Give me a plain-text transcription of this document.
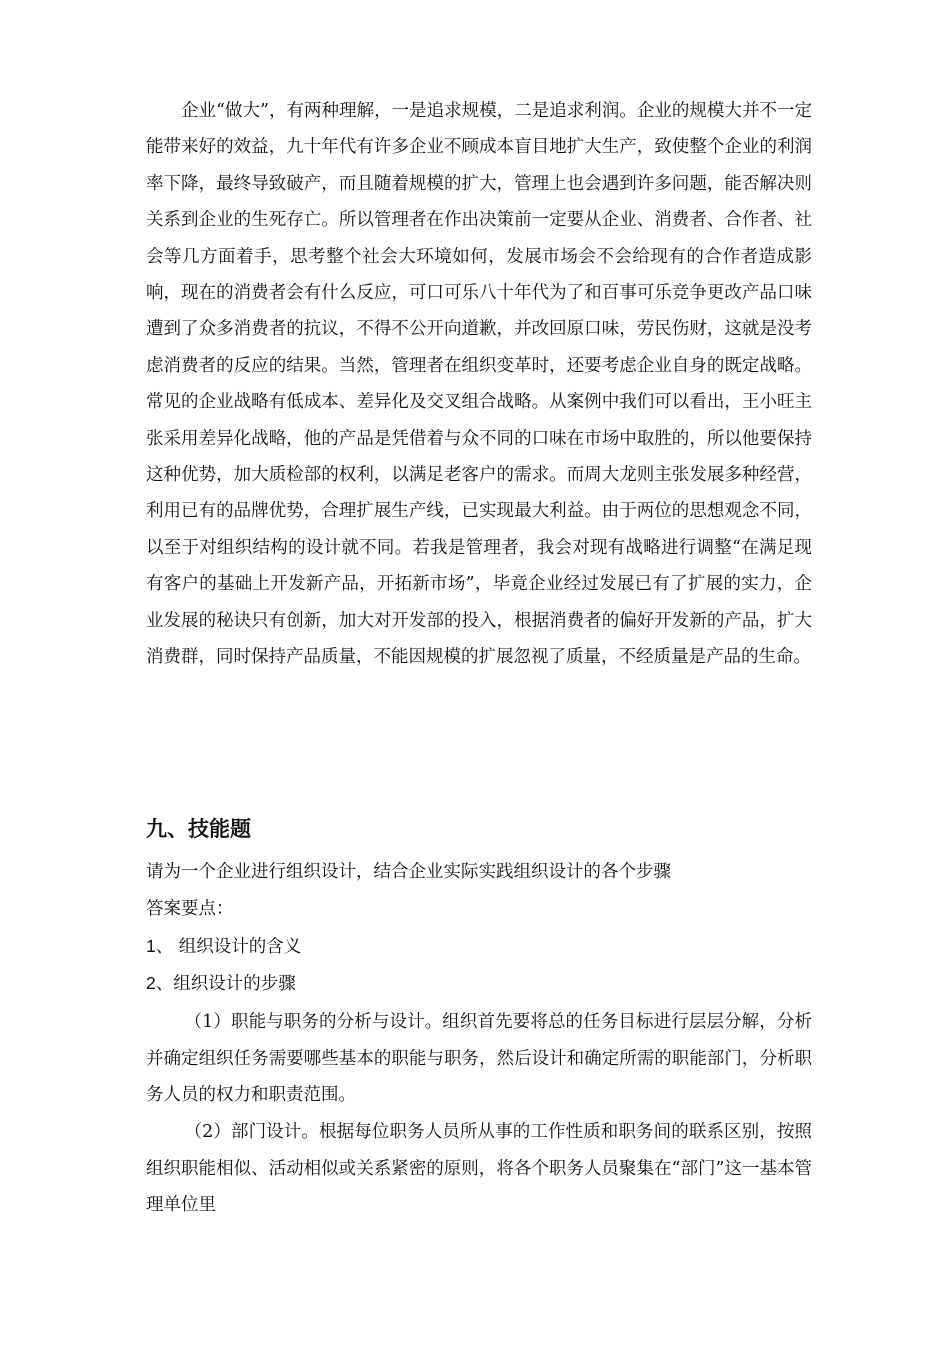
企业“做大”，有两种理解，一是追求规模，二是追求利润。企业的规模大并不一定能带来好的效益，九十年代有许多企业不顾成本盲目地扩大生产，致使整个企业的利润率下降，最终导致破产，而且随着规模的扩大，管理上也会遇到许多问题，能否解决则关系到企业的生死存亡。所以管理者在作出决策前一定要从企业、消费者、合作者、社会等几方面着手，思考整个社会大环境如何，发展市场会不会给现有的合作者造成影响，现在的消费者会有什么反应，可口可乐八十年代为了和百事可乐竞争更改产品口味遭到了众多消费者的抗议，不得不公开向道歉，并改回原口味，劳民伤财，这就是没考虑消费者的反应的结果。当然，管理者在组织变革时，还要考虑企业自身的既定战略。常见的企业战略有低成本、差异化及交叉组合战略。从案例中我们可以看出，王小旺主张采用差异化战略，他的产品是凭借着与众不同的口味在市场中取胜的，所以他要保持这种优势，加大质检部的权利，以满足老客户的需求。而周大龙则主张发展多种经营，利用已有的品牌优势，合理扩展生产线，已实现最大利益。由于两位的思想观念不同，以至于对组织结构的设计就不同。若我是管理者，我会对现有战略进行调整“在满足现有客户的基础上开发新产品，开拓新市场”，毕竟企业经过发展已有了扩展的实力，企业发展的秘诀只有创新，加大对开发部的投入，根据消费者的偏好开发新的产品，扩大消费群，同时保持产品质量，不能因规模的扩展忽视了质量，不经质量是产品的生命。
九、技能题
请为一个企业进行组织设计，结合企业实际实践组织设计的各个步骤
答案要点：
1、 组织设计的含义
2、组织设计的步骤
（1）职能与职务的分析与设计。组织首先要将总的任务目标进行层层分解，分析并确定组织任务需要哪些基本的职能与职务，然后设计和确定所需的职能部门，分析职务人员的权力和职责范围。
（2）部门设计。根据每位职务人员所从事的工作性质和职务间的联系区别，按照组织职能相似、活动相似或关系紧密的原则，将各个职务人员聚集在“部门”这一基本管理单位里
